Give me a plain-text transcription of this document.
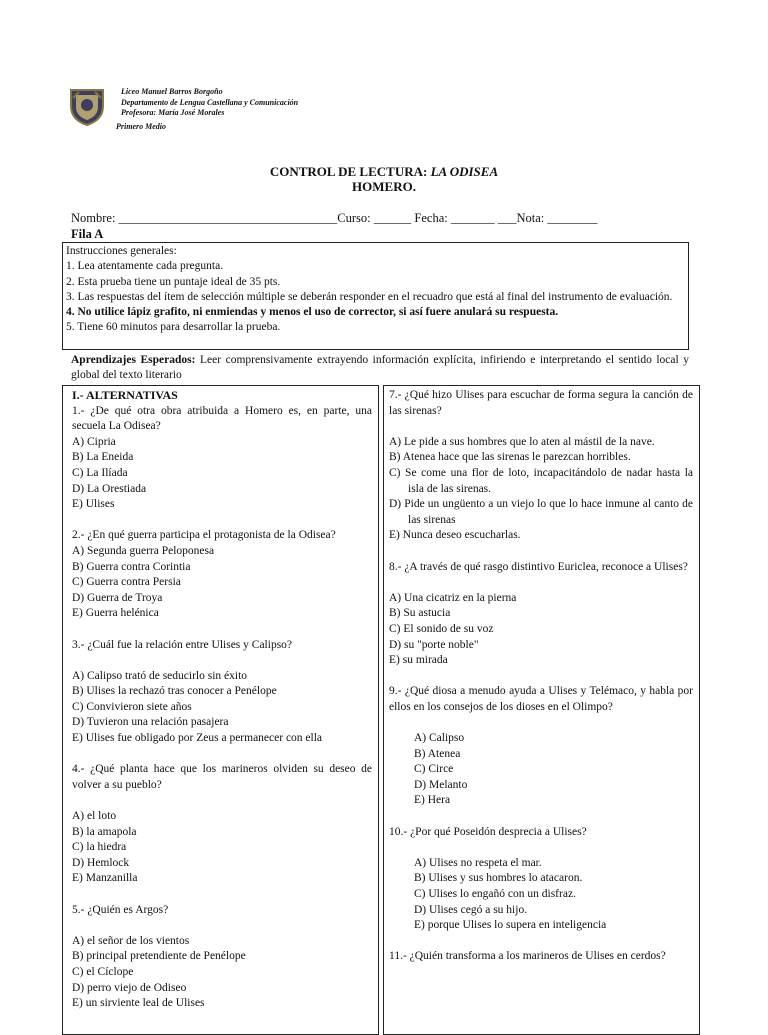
Liceo Manuel Barros Borgoño
Departamento de Lengua Castellana y Comunicación
Profesora: María José Morales
Primero Medio
CONTROL DE LECTURA: LA ODISEA
HOMERO.
Nombre: ___________________________________Curso: ______ Fecha: _______ ___Nota: ________
Fila A
Instrucciones generales:
1. Lea atentamente cada pregunta.
2. Esta prueba tiene un puntaje ideal de 35 pts.
3. Las respuestas del ítem de selección múltiple se deberán responder en el recuadro que está al final del instrumento de evaluación.
4. No utilice lápiz grafito, ni enmiendas y menos el uso de corrector, si así fuere anulará su respuesta.
5. Tiene 60 minutos para desarrollar la prueba.
Aprendizajes Esperados: Leer comprensivamente extrayendo información explícita, infiriendo e interpretando el sentido local y global del texto literario
I.- ALTERNATIVAS

1.- ¿De qué otra obra atribuida a Homero es, en parte, una secuela La Odisea?

A) Cipria
B) La Eneida
C) La Ilíada
D) La Orestiada
E) Ulises

2.- ¿En qué guerra participa el protagonista de la Odisea?

A) Segunda guerra Peloponesa
B) Guerra contra Corintia
C) Guerra contra Persia
D) Guerra de Troya
E) Guerra helénica

3.- ¿Cuál fue la relación entre Ulises y Calipso?

A) Calipso trató de seducirlo sin éxito
B) Ulises la rechazó tras conocer a Penélope
C) Convivieron siete años
D) Tuvieron una relación pasajera
E) Ulises fue obligado por Zeus a permanecer con ella

4.- ¿Qué planta hace que los marineros olviden su deseo de volver a su pueblo?

A) el loto
B) la amapola
C) la hiedra
D) Hemlock
E) Manzanilla

5.- ¿Quién es Argos?

A) el señor de los vientos
B) principal pretendiente de Penélope
C) el Cíclope
D) perro viejo de Odiseo
E) un sirviente leal de Ulises

7.- ¿Qué hizo Ulises para escuchar de forma segura la canción de las sirenas?

A) Le pide a sus hombres que lo aten al mástil de la nave.
B) Atenea hace que las sirenas le parezcan horribles.
C) Se come una flor de loto, incapacitándolo de nadar hasta la isla de las sirenas.
D) Pide un ungüento a un viejo lo que lo hace inmune al canto de las sirenas
E) Nunca deseo escucharlas.

8.- ¿A través de qué rasgo distintivo Euriclea, reconoce a Ulises?

A) Una cicatriz en la pierna
B) Su astucia
C) El sonido de su voz
D) su "porte noble"
E) su mirada

9.- ¿Qué diosa a menudo ayuda a Ulises y Telémaco, y habla por ellos en los consejos de los dioses en el Olimpo?

A) Calipso
B) Atenea
C) Circe
D) Melanto
E) Hera

10.- ¿Por qué Poseidón desprecia a Ulises?

A) Ulises no respeta el mar.
B) Ulises y sus hombres lo atacaron.
C) Ulises lo engañó con un disfraz.
D) Ulises cegó a su hijo.
E) porque Ulises lo supera en inteligencia

11.- ¿Quién transforma a los marineros de Ulises en cerdos?
